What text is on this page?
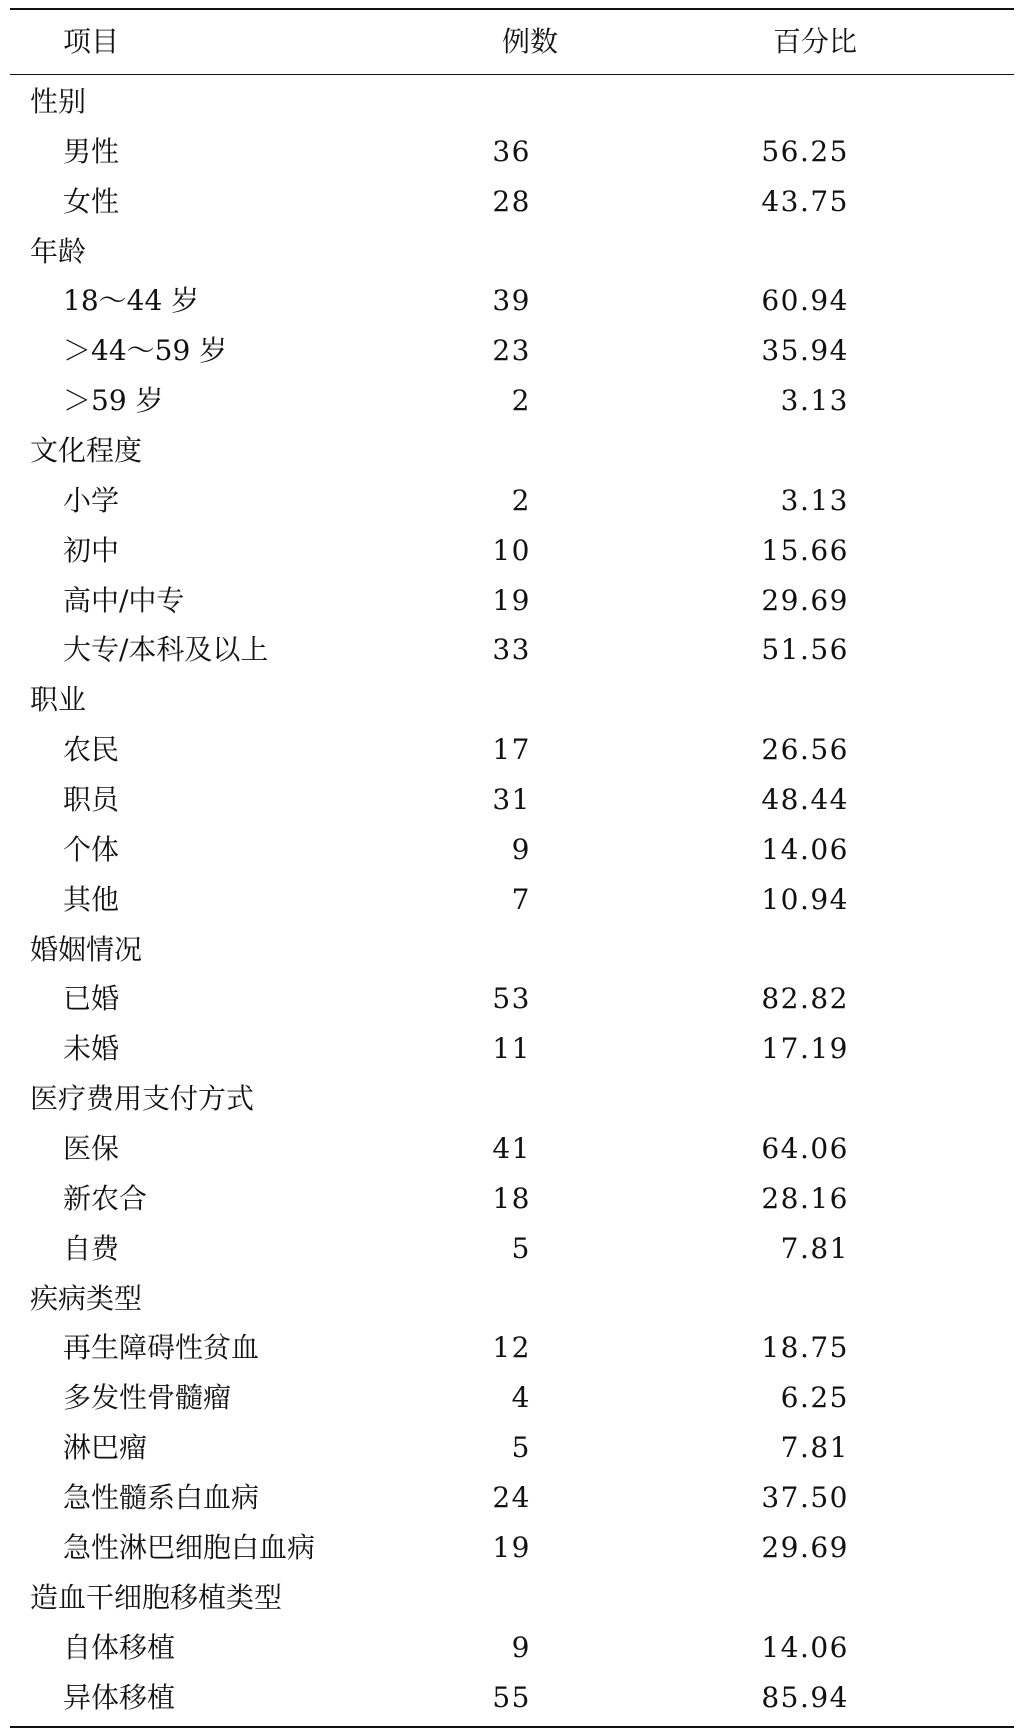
项目	例数	百分比
性别
男性	36	56.25
女性	28	43.75
年龄
18～44 岁	39	60.94
＞44～59 岁	23	35.94
＞59 岁	2	3.13
文化程度
小学	2	3.13
初中	10	15.66
高中/中专	19	29.69
大专/本科及以上	33	51.56
职业
农民	17	26.56
职员	31	48.44
个体	9	14.06
其他	7	10.94
婚姻情况
已婚	53	82.82
未婚	11	17.19
医疗费用支付方式
医保	41	64.06
新农合	18	28.16
自费	5	7.81
疾病类型
再生障碍性贫血	12	18.75
多发性骨髓瘤	4	6.25
淋巴瘤	5	7.81
急性髓系白血病	24	37.50
急性淋巴细胞白血病	19	29.69
造血干细胞移植类型
自体移植	9	14.06
异体移植	55	85.94
